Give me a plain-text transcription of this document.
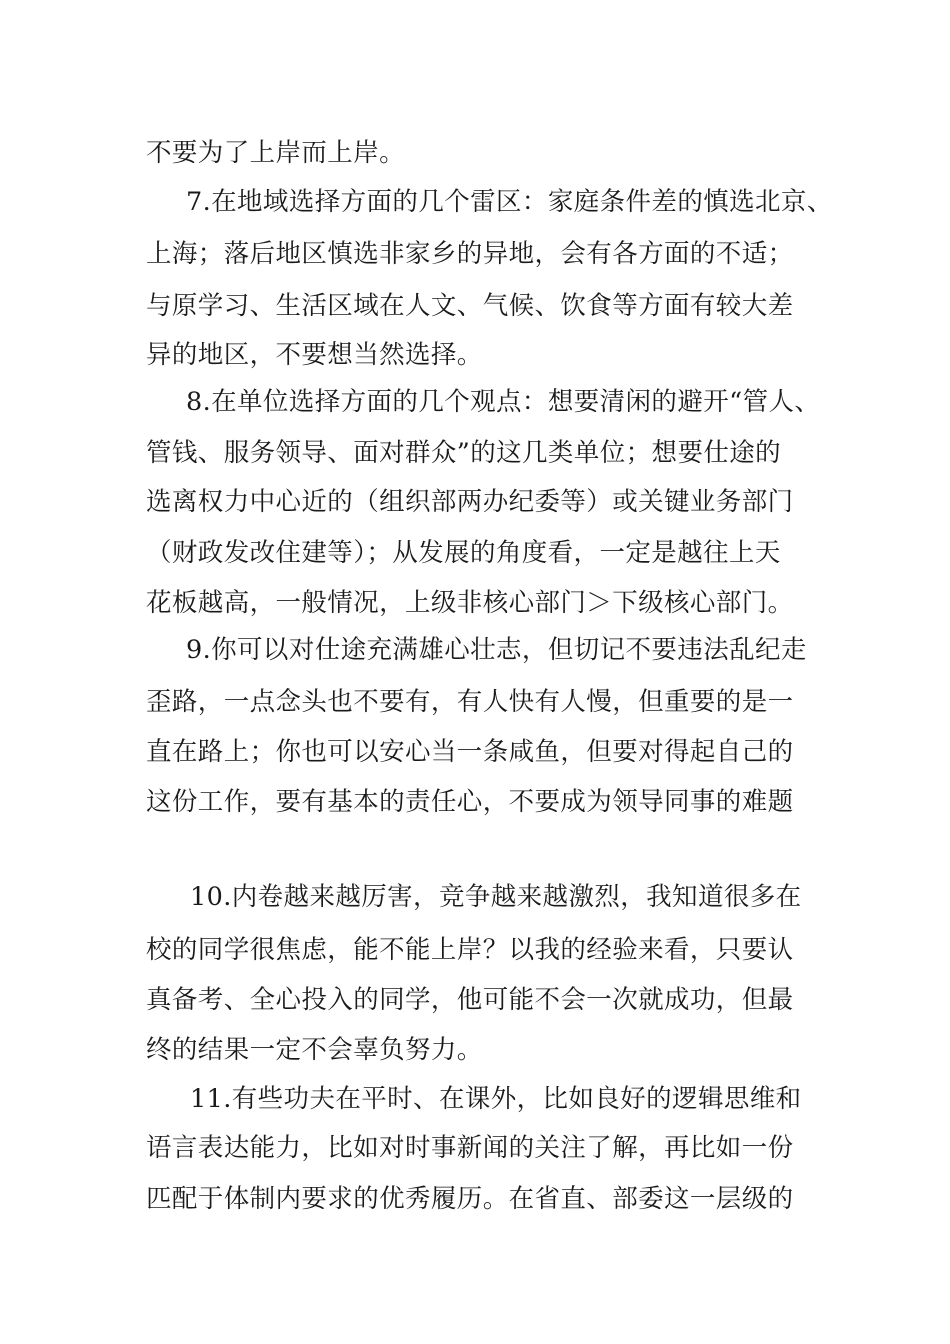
不要为了上岸而上岸。
7.在地域选择方面的几个雷区：家庭条件差的慎选北京、
上海；落后地区慎选非家乡的异地，会有各方面的不适；
与原学习、生活区域在人文、气候、饮食等方面有较大差
异的地区，不要想当然选择。
8.在单位选择方面的几个观点：想要清闲的避开“管人、
管钱、服务领导、面对群众”的这几类单位；想要仕途的
选离权力中心近的（组织部两办纪委等）或关键业务部门
（财政发改住建等）；从发展的角度看，一定是越往上天
花板越高，一般情况，上级非核心部门＞下级核心部门。
9.你可以对仕途充满雄心壮志，但切记不要违法乱纪走
歪路，一点念头也不要有，有人快有人慢，但重要的是一
直在路上；你也可以安心当一条咸鱼，但要对得起自己的
这份工作，要有基本的责任心，不要成为领导同事的难题
10.内卷越来越厉害，竞争越来越激烈，我知道很多在
校的同学很焦虑，能不能上岸？以我的经验来看，只要认
真备考、全心投入的同学，他可能不会一次就成功，但最
终的结果一定不会辜负努力。
11.有些功夫在平时、在课外，比如良好的逻辑思维和
语言表达能力，比如对时事新闻的关注了解，再比如一份
匹配于体制内要求的优秀履历。在省直、部委这一层级的
